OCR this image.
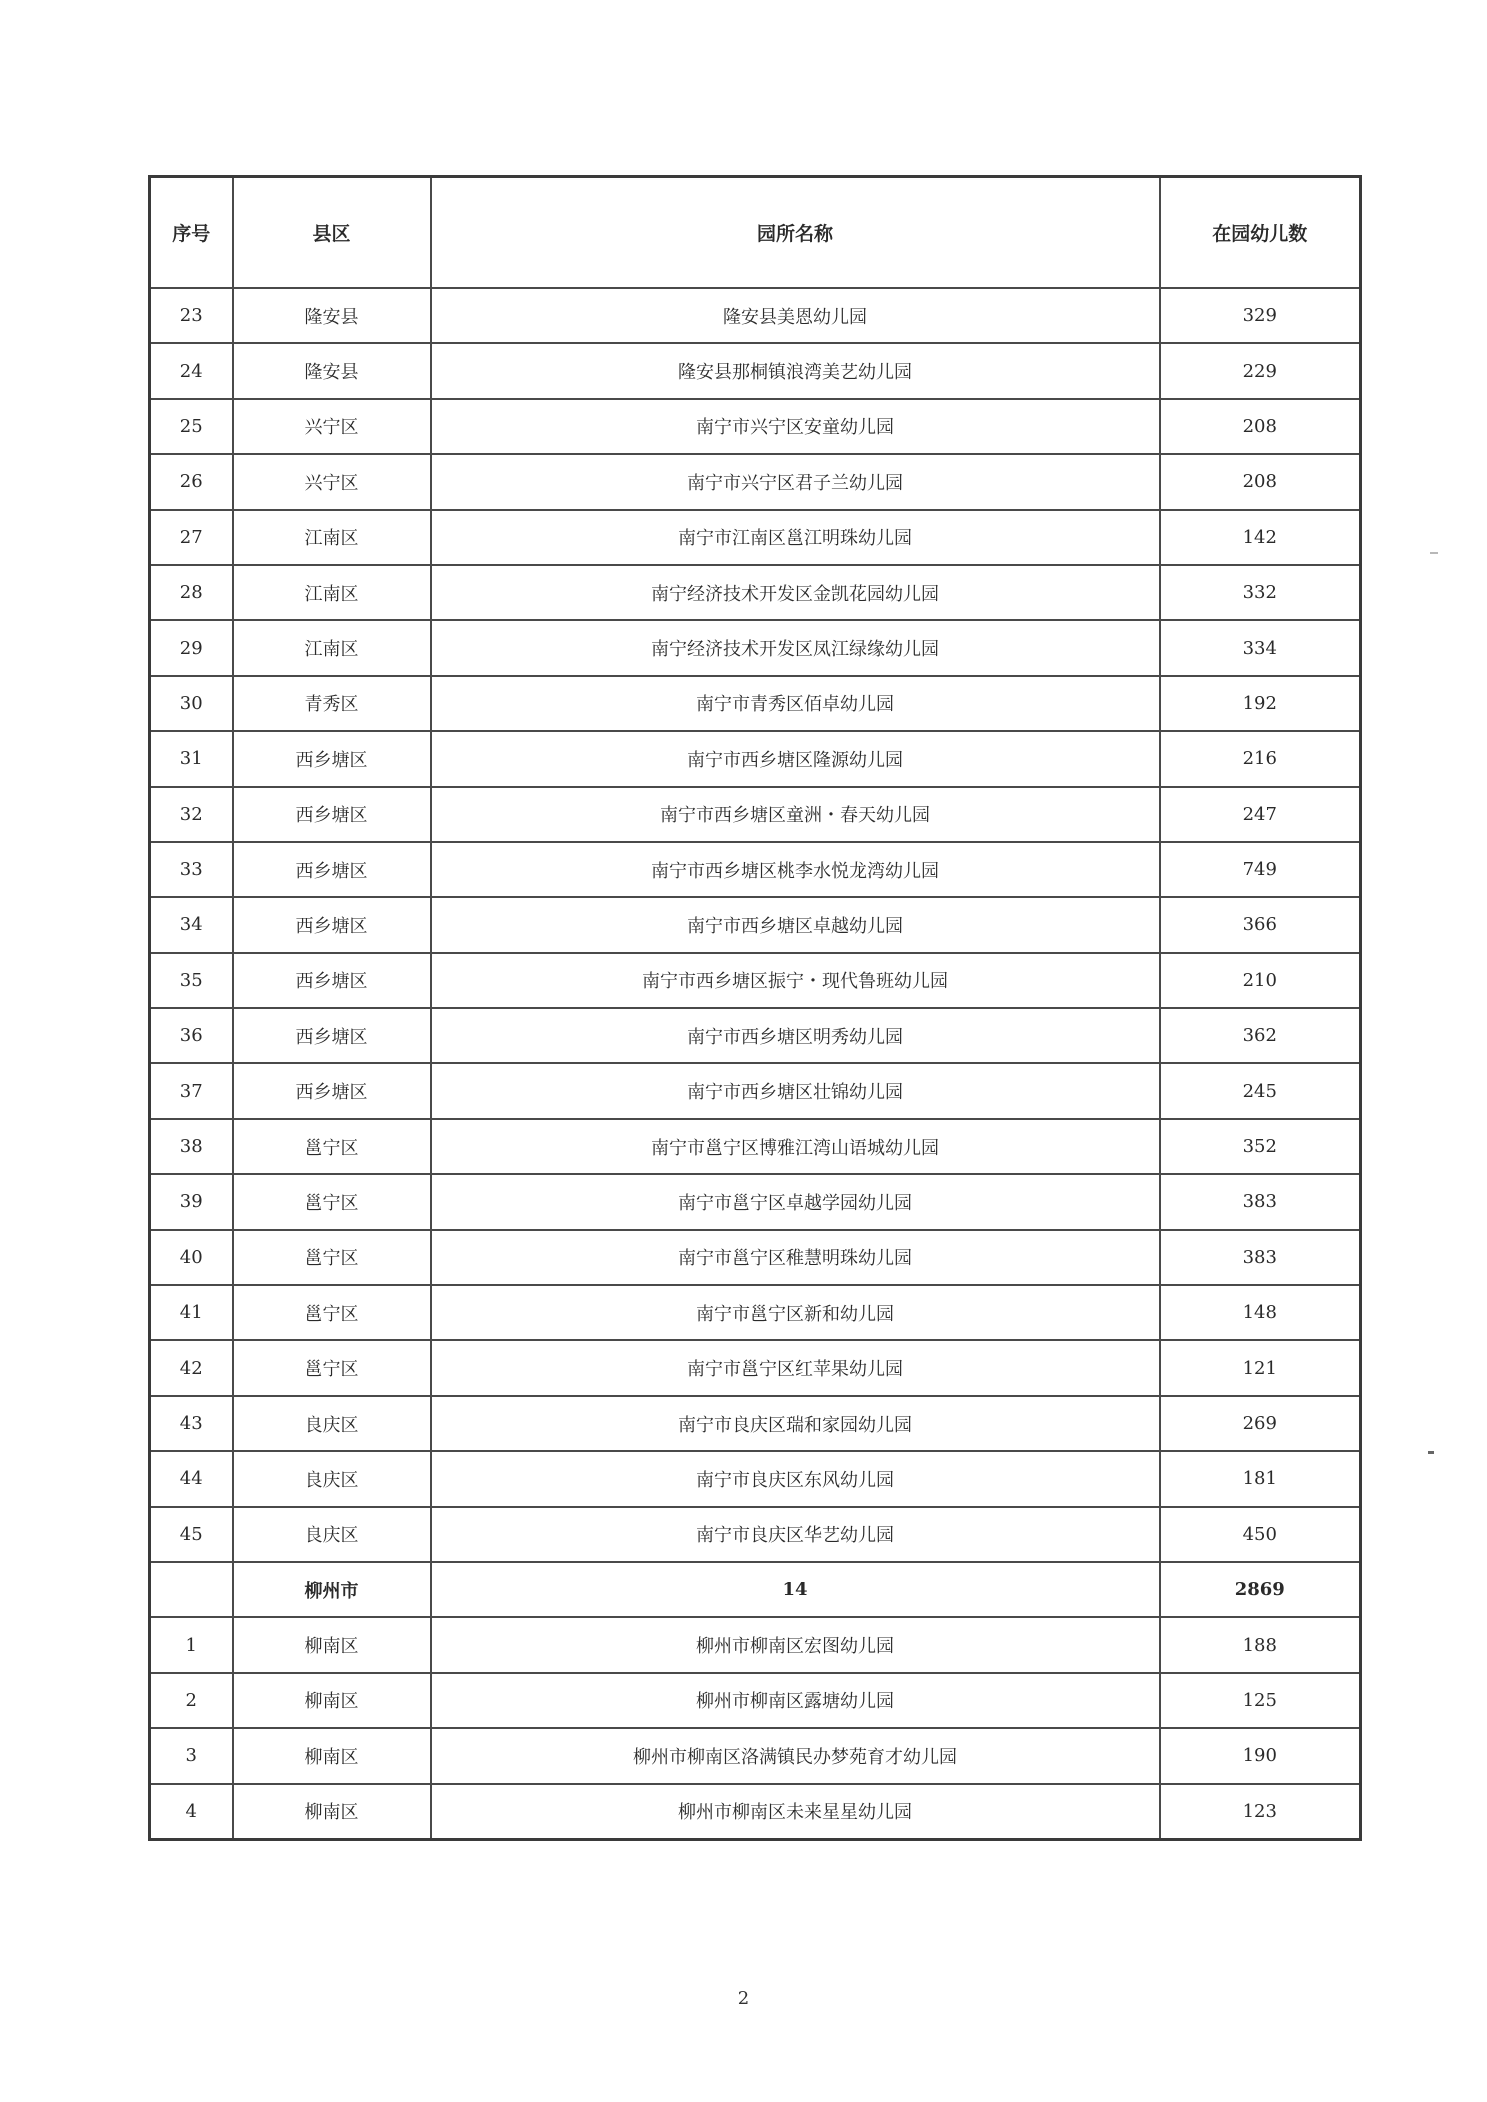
序号	县区	园所名称	在园幼儿数
23	隆安县	隆安县美恩幼儿园	329
24	隆安县	隆安县那桐镇浪湾美艺幼儿园	229
25	兴宁区	南宁市兴宁区安童幼儿园	208
26	兴宁区	南宁市兴宁区君子兰幼儿园	208
27	江南区	南宁市江南区邕江明珠幼儿园	142
28	江南区	南宁经济技术开发区金凯花园幼儿园	332
29	江南区	南宁经济技术开发区凤江绿缘幼儿园	334
30	青秀区	南宁市青秀区佰卓幼儿园	192
31	西乡塘区	南宁市西乡塘区隆源幼儿园	216
32	西乡塘区	南宁市西乡塘区童洲・春天幼儿园	247
33	西乡塘区	南宁市西乡塘区桃李水悦龙湾幼儿园	749
34	西乡塘区	南宁市西乡塘区卓越幼儿园	366
35	西乡塘区	南宁市西乡塘区振宁・现代鲁班幼儿园	210
36	西乡塘区	南宁市西乡塘区明秀幼儿园	362
37	西乡塘区	南宁市西乡塘区壮锦幼儿园	245
38	邕宁区	南宁市邕宁区博雅江湾山语城幼儿园	352
39	邕宁区	南宁市邕宁区卓越学园幼儿园	383
40	邕宁区	南宁市邕宁区稚慧明珠幼儿园	383
41	邕宁区	南宁市邕宁区新和幼儿园	148
42	邕宁区	南宁市邕宁区红苹果幼儿园	121
43	良庆区	南宁市良庆区瑞和家园幼儿园	269
44	良庆区	南宁市良庆区东风幼儿园	181
45	良庆区	南宁市良庆区华艺幼儿园	450
	柳州市	14	2869
1	柳南区	柳州市柳南区宏图幼儿园	188
2	柳南区	柳州市柳南区露塘幼儿园	125
3	柳南区	柳州市柳南区洛满镇民办梦苑育才幼儿园	190
4	柳南区	柳州市柳南区未来星星幼儿园	123
2
